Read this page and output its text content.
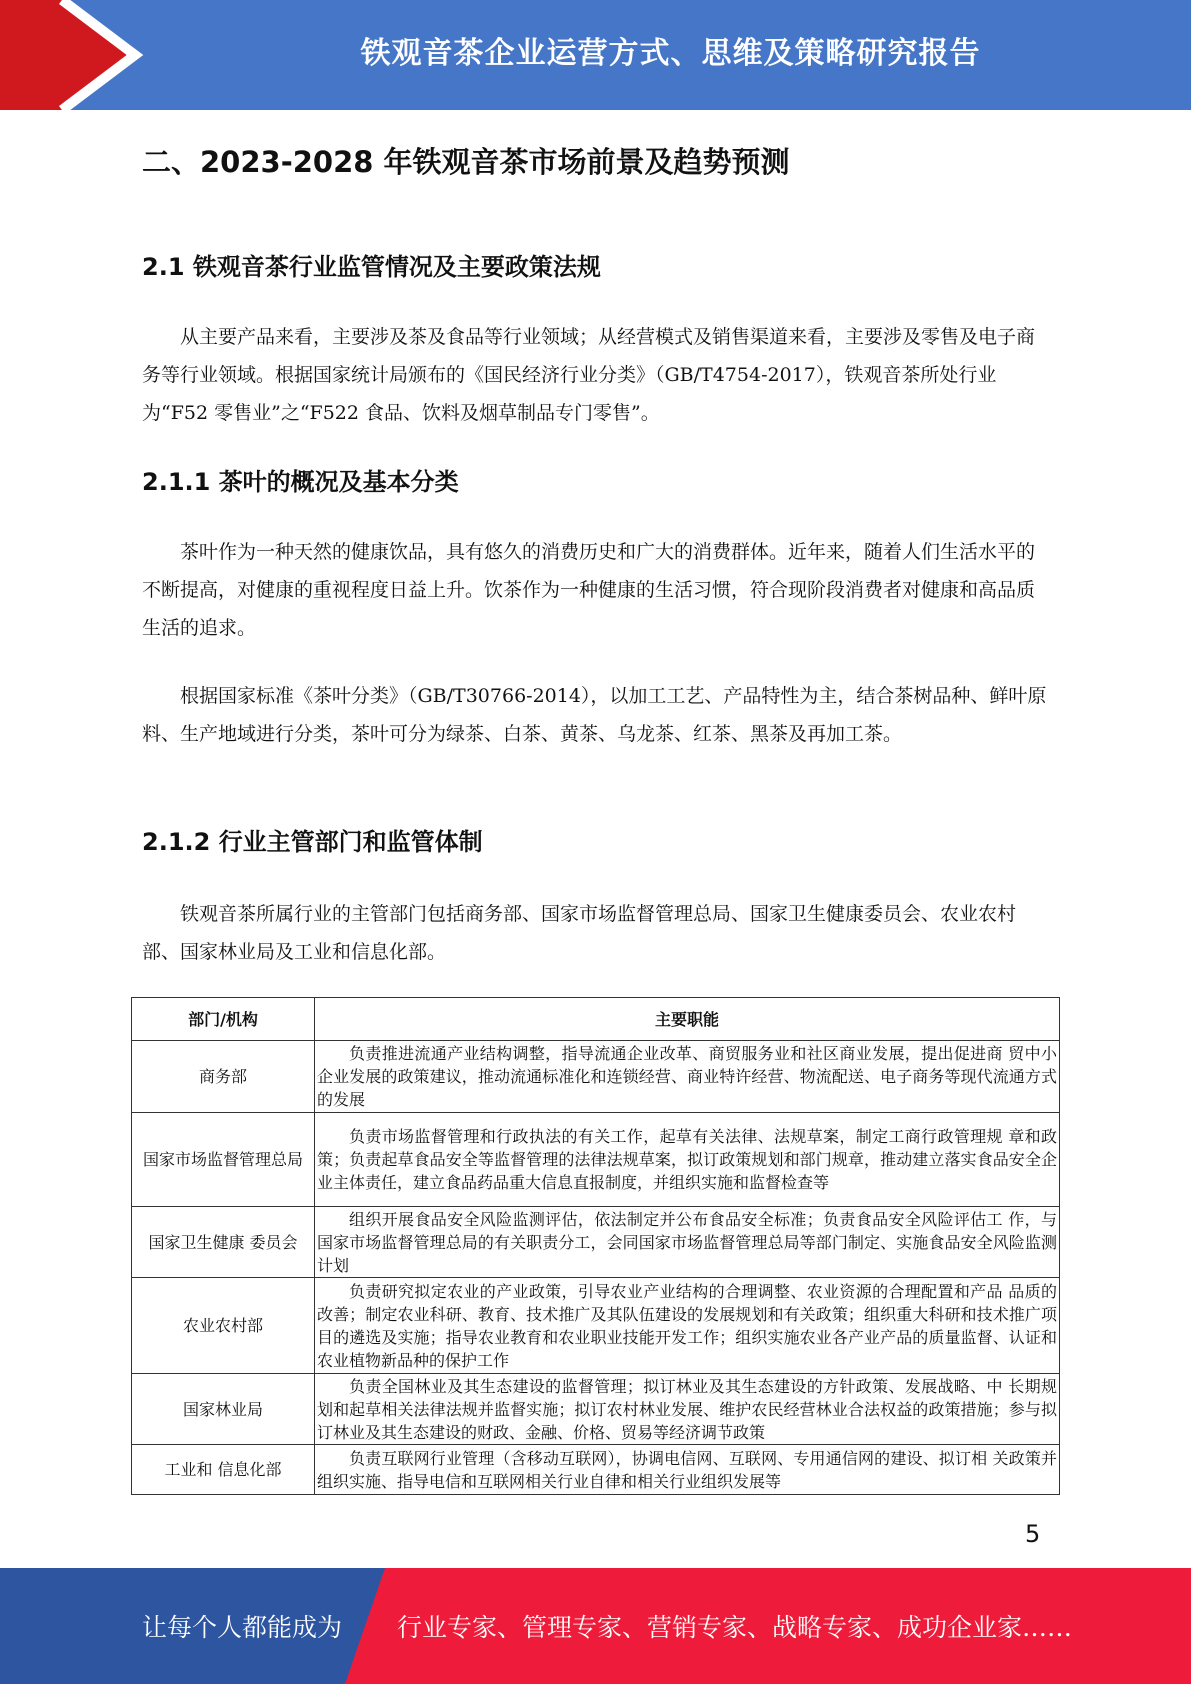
铁观音茶企业运营方式、思维及策略研究报告
二、2023-2028 年铁观音茶市场前景及趋势预测
2.1 铁观音茶行业监管情况及主要政策法规

从主要产品来看，主要涉及茶及食品等行业领域；从经营模式及销售渠道来看，主要涉及零售及电子商务等行业领域。根据国家统计局颁布的《国民经济行业分类》（GB/T4754-2017），铁观音茶所处行业为“F52 零售业”之“F522 食品、饮料及烟草制品专门零售”。

2.1.1 茶叶的概况及基本分类

茶叶作为一种天然的健康饮品，具有悠久的消费历史和广大的消费群体。近年来，随着人们生活水平的不断提高，对健康的重视程度日益上升。饮茶作为一种健康的生活习惯，符合现阶段消费者对健康和高品质生活的追求。

根据国家标准《茶叶分类》（GB/T30766-2014），以加工工艺、产品特性为主，结合茶树品种、鲜叶原料、生产地域进行分类，茶叶可分为绿茶、白茶、黄茶、乌龙茶、红茶、黑茶及再加工茶。

2.1.2 行业主管部门和监管体制

铁观音茶所属行业的主管部门包括商务部、国家市场监督管理总局、国家卫生健康委员会、农业农村部、国家林业局及工业和信息化部。

部门/机构	主要职能
商务部	负责推进流通产业结构调整，指导流通企业改革、商贸服务业和社区商业发展，提出促进商 贸中小企业发展的政策建议，推动流通标准化和连锁经营、商业特许经营、物流配送、电子商务等现代流通方式的发展
国家市场监督管理总局	负责市场监督管理和行政执法的有关工作，起草有关法律、法规草案，制定工商行政管理规 章和政策；负责起草食品安全等监督管理的法律法规草案，拟订政策规划和部门规章，推动建立落实食品安全企业主体责任，建立食品药品重大信息直报制度，并组织实施和监督检查等
国家卫生健康 委员会	组织开展食品安全风险监测评估，依法制定并公布食品安全标准；负责食品安全风险评估工 作，与国家市场监督管理总局的有关职责分工，会同国家市场监督管理总局等部门制定、实施食品安全风险监测计划
农业农村部	负责研究拟定农业的产业政策，引导农业产业结构的合理调整、农业资源的合理配置和产品 品质的改善；制定农业科研、教育、技术推广及其队伍建设的发展规划和有关政策；组织重大科研和技术推广项目的遴选及实施；指导农业教育和农业职业技能开发工作；组织实施农业各产业产品的质量监督、认证和农业植物新品种的保护工作
国家林业局	负责全国林业及其生态建设的监督管理；拟订林业及其生态建设的方针政策、发展战略、中 长期规划和起草相关法律法规并监督实施；拟订农村林业发展、维护农民经营林业合法权益的政策措施；参与拟订林业及其生态建设的财政、金融、价格、贸易等经济调节政策
工业和 信息化部	负责互联网行业管理（含移动互联网），协调电信网、互联网、专用通信网的建设、拟订相 关政策并组织实施、指导电信和互联网相关行业自律和相关行业组织发展等
5
让每个人都能成为 行业专家、管理专家、营销专家、战略专家、成功企业家……
